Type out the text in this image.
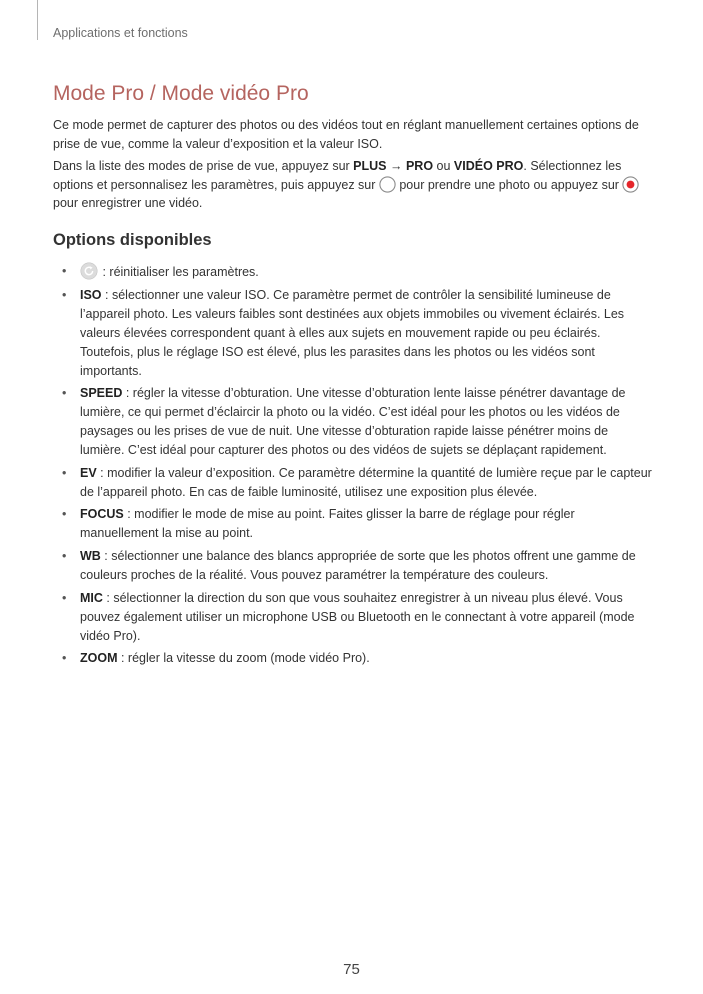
Applications et fonctions
Mode Pro / Mode vidéo Pro

Ce mode permet de capturer des photos ou des vidéos tout en réglant manuellement certaines options de prise de vue, comme la valeur d’exposition et la valeur ISO.

Dans la liste des modes de prise de vue, appuyez sur PLUS → PRO ou VIDÉO PRO. Sélectionnez les options et personnalisez les paramètres, puis appuyez sur  pour prendre une photo ou appuyez sur  pour enregistrer une vidéo.

Options disponibles
• : réinitialiser les paramètres.
• ISO : sélectionner une valeur ISO. Ce paramètre permet de contrôler la sensibilité lumineuse de l’appareil photo. Les valeurs faibles sont destinées aux objets immobiles ou vivement éclairés. Les valeurs élevées correspondent quant à elles aux sujets en mouvement rapide ou peu éclairés. Toutefois, plus le réglage ISO est élevé, plus les parasites dans les photos ou les vidéos sont importants.
• SPEED : régler la vitesse d’obturation. Une vitesse d’obturation lente laisse pénétrer davantage de lumière, ce qui permet d’éclaircir la photo ou la vidéo. C’est idéal pour les photos ou les vidéos de paysages ou les prises de vue de nuit. Une vitesse d’obturation rapide laisse pénétrer moins de lumière. C’est idéal pour capturer des photos ou des vidéos de sujets se déplaçant rapidement.
• EV : modifier la valeur d’exposition. Ce paramètre détermine la quantité de lumière reçue par le capteur de l’appareil photo. En cas de faible luminosité, utilisez une exposition plus élevée.
• FOCUS : modifier le mode de mise au point. Faites glisser la barre de réglage pour régler manuellement la mise au point.
• WB : sélectionner une balance des blancs appropriée de sorte que les photos offrent une gamme de couleurs proches de la réalité. Vous pouvez paramétrer la température des couleurs.
• MIC : sélectionner la direction du son que vous souhaitez enregistrer à un niveau plus élevé. Vous pouvez également utiliser un microphone USB ou Bluetooth en le connectant à votre appareil (mode vidéo Pro).
• ZOOM : régler la vitesse du zoom (mode vidéo Pro).
75
